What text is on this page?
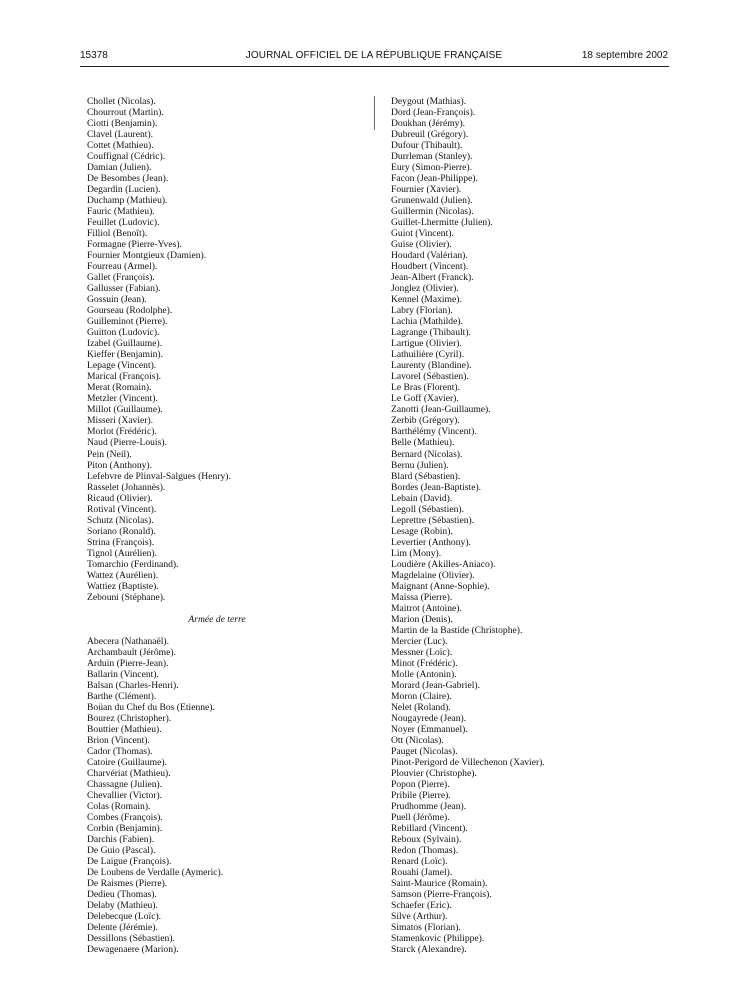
15378	JOURNAL OFFICIEL DE LA RÉPUBLIQUE FRANÇAISE	18 septembre 2002
Chollet (Nicolas).
Chourrout (Martin).
Ciotti (Benjamin).
Clavel (Laurent).
Cottet (Mathieu).
Couffignal (Cédric).
Damian (Julien).
De Besombes (Jean).
Degardin (Lucien).
Duchamp (Mathieu).
Fauric (Mathieu).
Feuillet (Ludovic).
Filliol (Benoît).
Formagne (Pierre-Yves).
Fournier Montgieux (Damien).
Fourreau (Armel).
Gallet (François).
Gallusser (Fabian).
Gossuin (Jean).
Gourseau (Rodolphe).
Guilleminot (Pierre).
Guitton (Ludovic).
Izabel (Guillaume).
Kieffer (Benjamin).
Lepage (Vincent).
Marical (François).
Merat (Romain).
Metzler (Vincent).
Millot (Guillaume).
Misseri (Xavier).
Morlot (Frédéric).
Naud (Pierre-Louis).
Pein (Neil).
Piton (Anthony).
Lefebvre de Plinval-Salgues (Henry).
Rasselet (Johannès).
Ricaud (Olivier).
Rotival (Vincent).
Schutz (Nicolas).
Soriano (Ronald).
Strina (François).
Tignol (Aurélien).
Tomarchio (Ferdinand).
Wattez (Aurélien).
Wattiez (Baptiste).
Zebouni (Stéphane).
Armée de terre
Abecera (Nathanaël).
Archambault (Jérôme).
Arduin (Pierre-Jean).
Ballarin (Vincent).
Balsan (Charles-Henri).
Barthe (Clément).
Boüan du Chef du Bos (Etienne).
Bourez (Christopher).
Bouttier (Mathieu).
Brion (Vincent).
Cador (Thomas).
Catoire (Guillaume).
Charvériat (Mathieu).
Chassagne (Julien).
Chevallier (Victor).
Colas (Romain).
Combes (François).
Corbin (Benjamin).
Darchis (Fabien).
De Guio (Pascal).
De Laigue (François).
De Loubens de Verdalle (Aymeric).
De Raismes (Pierre).
Dedieu (Thomas).
Delaby (Mathieu).
Delebecque (Loïc).
Delente (Jérémie).
Dessillons (Sébastien).
Dewagenaere (Marion).
Deygout (Mathias).
Dord (Jean-François).
Doukhan (Jérémy).
Dubreuil (Grégory).
Dufour (Thibault).
Durrleman (Stanley).
Eury (Simon-Pierre).
Facon (Jean-Philippe).
Fournier (Xavier).
Grunenwald (Julien).
Guillermin (Nicolas).
Guillet-Lhermitte (Julien).
Guiot (Vincent).
Guise (Olivier).
Houdard (Valérian).
Houdbert (Vincent).
Jean-Albert (Franck).
Jonglez (Olivier).
Kennel (Maxime).
Labry (Florian).
Lachia (Mathilde).
Lagrange (Thibault).
Lartigue (Olivier).
Lathuilière (Cyril).
Laurenty (Blandine).
Lavorel (Sébastien).
Le Bras (Florent).
Le Goff (Xavier).
Zanotti (Jean-Guillaume).
Zerbib (Grégory).
Barthélémy (Vincent).
Belle (Mathieu).
Bernard (Nicolas).
Bernu (Julien).
Blard (Sébastien).
Bordes (Jean-Baptiste).
Lebain (David).
Legoll (Sébastien).
Leprettre (Sébastien).
Lesage (Robin).
Levertier (Anthony).
Lim (Mony).
Loudière (Akilles-Aniaco).
Magdelaine (Olivier).
Maignant (Anne-Sophie).
Maïssa (Pierre).
Maitrot (Antoine).
Marion (Denis).
Martin de la Bastide (Christophe).
Mercier (Luc).
Messner (Loïc).
Minot (Frédéric).
Molle (Antonin).
Morard (Jean-Gabriel).
Moron (Claire).
Nelet (Roland).
Nougayrede (Jean).
Noyer (Emmanuel).
Ott (Nicolas).
Pauget (Nicolas).
Pinot-Perigord de Villechenon (Xavier).
Plouvier (Christophe).
Popon (Pierre).
Pribile (Pierre).
Prudhomme (Jean).
Puell (Jérôme).
Rebillard (Vincent).
Reboux (Sylvain).
Redon (Thomas).
Renard (Loïc).
Rouahi (Jamel).
Saint-Maurice (Romain).
Samson (Pierre-François).
Schaefer (Eric).
Silve (Arthur).
Simatos (Florian).
Stamenkovic (Philippe).
Starck (Alexandre).
